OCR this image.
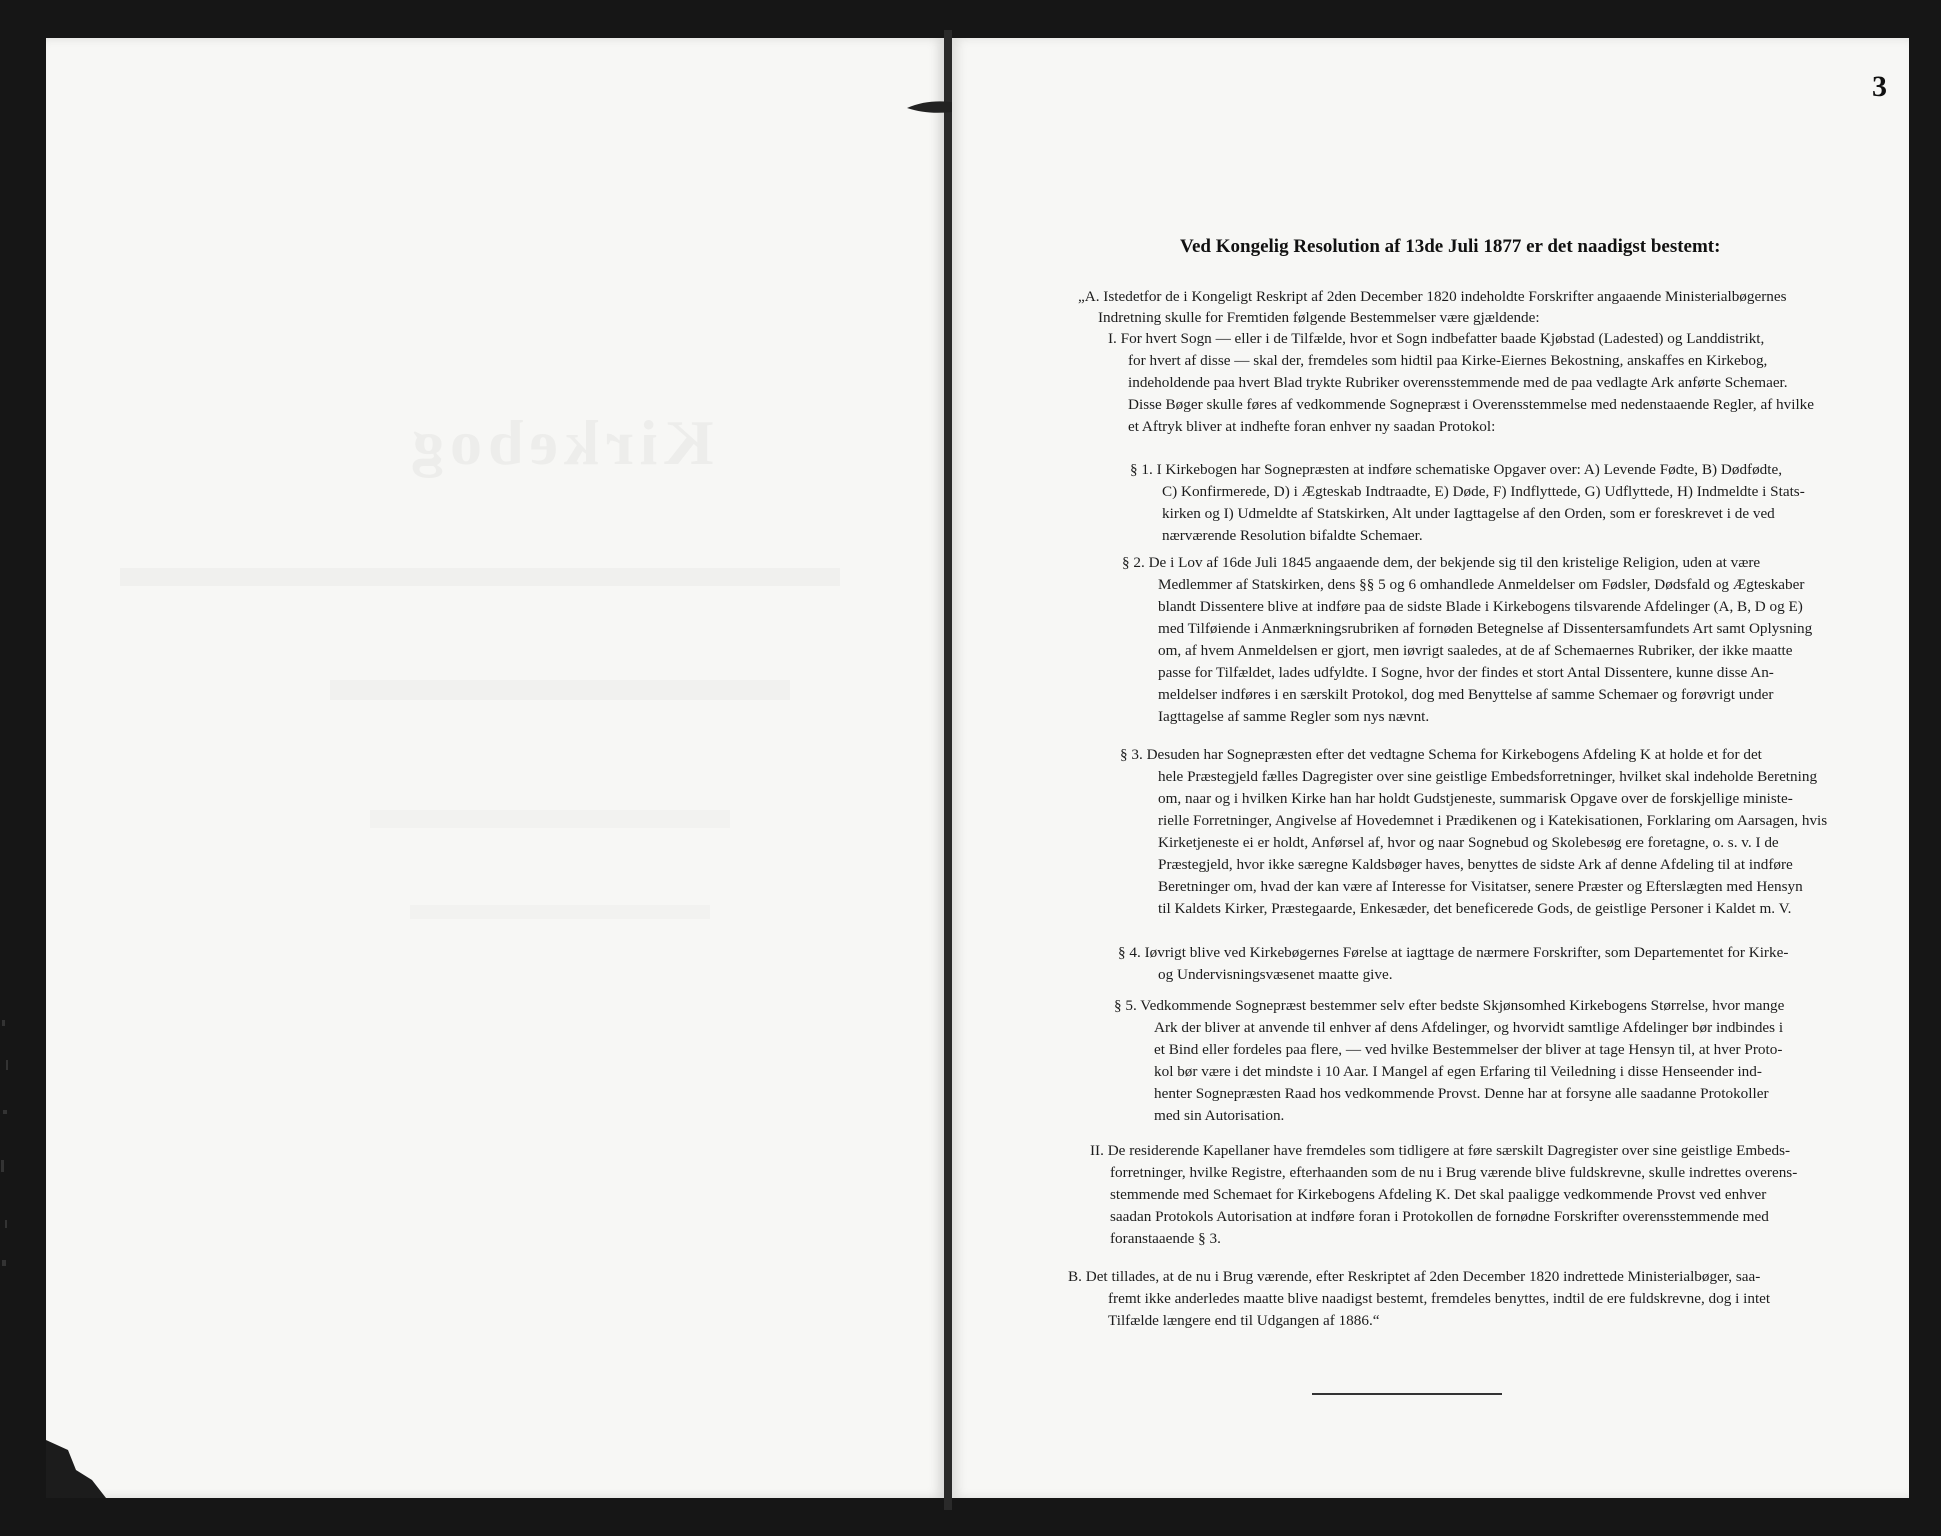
Kirkebog
3
Ved Kongelig Resolution af 13de Juli 1877 er det naadigst bestemt:
„A. Istedetfor de i Kongeligt Reskript af 2den December 1820 indeholdte Forskrifter angaaende Ministerialbøgernes
Indretning skulle for Fremtiden følgende Bestemmelser være gjældende:
I. For hvert Sogn — eller i de Tilfælde, hvor et Sogn indbefatter baade Kjøbstad (Ladested) og Landdistrikt,
for hvert af disse — skal der, fremdeles som hidtil paa Kirke-Eiernes Bekostning, anskaffes en Kirkebog,
indeholdende paa hvert Blad trykte Rubriker overensstemmende med de paa vedlagte Ark anførte Schemaer.
Disse Bøger skulle føres af vedkommende Sognepræst i Overensstemmelse med nedenstaaende Regler, af hvilke
et Aftryk bliver at indhefte foran enhver ny saadan Protokol:
§ 1. I Kirkebogen har Sognepræsten at indføre schematiske Opgaver over: A) Levende Fødte, B) Dødfødte,
C) Konfirmerede, D) i Ægteskab Indtraadte, E) Døde, F) Indflyttede, G) Udflyttede, H) Indmeldte i Stats-
kirken og I) Udmeldte af Statskirken, Alt under Iagttagelse af den Orden, som er foreskrevet i de ved
nærværende Resolution bifaldte Schemaer.
§ 2. De i Lov af 16de Juli 1845 angaaende dem, der bekjende sig til den kristelige Religion, uden at være
Medlemmer af Statskirken, dens §§ 5 og 6 omhandlede Anmeldelser om Fødsler, Dødsfald og Ægteskaber
blandt Dissentere blive at indføre paa de sidste Blade i Kirkebogens tilsvarende Afdelinger (A, B, D og E)
med Tilføiende i Anmærkningsrubriken af fornøden Betegnelse af Dissentersamfundets Art samt Oplysning
om, af hvem Anmeldelsen er gjort, men iøvrigt saaledes, at de af Schemaernes Rubriker, der ikke maatte
passe for Tilfældet, lades udfyldte. I Sogne, hvor der findes et stort Antal Dissentere, kunne disse An-
meldelser indføres i en særskilt Protokol, dog med Benyttelse af samme Schemaer og forøvrigt under
Iagttagelse af samme Regler som nys nævnt.
§ 3. Desuden har Sognepræsten efter det vedtagne Schema for Kirkebogens Afdeling K at holde et for det
hele Præstegjeld fælles Dagregister over sine geistlige Embedsforretninger, hvilket skal indeholde Beretning
om, naar og i hvilken Kirke han har holdt Gudstjeneste, summarisk Opgave over de forskjellige ministe-
rielle Forretninger, Angivelse af Hovedemnet i Prædikenen og i Katekisationen, Forklaring om Aarsagen, hvis
Kirketjeneste ei er holdt, Anførsel af, hvor og naar Sognebud og Skolebesøg ere foretagne, o. s. v. I de
Præstegjeld, hvor ikke særegne Kaldsbøger haves, benyttes de sidste Ark af denne Afdeling til at indføre
Beretninger om, hvad der kan være af Interesse for Visitatser, senere Præster og Efterslægten med Hensyn
til Kaldets Kirker, Præstegaarde, Enkesæder, det beneficerede Gods, de geistlige Personer i Kaldet m. V.
§ 4. Iøvrigt blive ved Kirkebøgernes Førelse at iagttage de nærmere Forskrifter, som Departementet for Kirke-
og Undervisningsvæsenet maatte give.
§ 5. Vedkommende Sognepræst bestemmer selv efter bedste Skjønsomhed Kirkebogens Størrelse, hvor mange
Ark der bliver at anvende til enhver af dens Afdelinger, og hvorvidt samtlige Afdelinger bør indbindes i
et Bind eller fordeles paa flere, — ved hvilke Bestemmelser der bliver at tage Hensyn til, at hver Proto-
kol bør være i det mindste i 10 Aar. I Mangel af egen Erfaring til Veiledning i disse Henseender ind-
henter Sognepræsten Raad hos vedkommende Provst. Denne har at forsyne alle saadanne Protokoller
med sin Autorisation.
II. De residerende Kapellaner have fremdeles som tidligere at føre særskilt Dagregister over sine geistlige Embeds-
forretninger, hvilke Registre, efterhaanden som de nu i Brug værende blive fuldskrevne, skulle indrettes overens-
stemmende med Schemaet for Kirkebogens Afdeling K. Det skal paaligge vedkommende Provst ved enhver
saadan Protokols Autorisation at indføre foran i Protokollen de fornødne Forskrifter overensstemmende med
foranstaaende § 3.
B. Det tillades, at de nu i Brug værende, efter Reskriptet af 2den December 1820 indrettede Ministerialbøger, saa-
fremt ikke anderledes maatte blive naadigst bestemt, fremdeles benyttes, indtil de ere fuldskrevne, dog i intet
Tilfælde længere end til Udgangen af 1886.“
